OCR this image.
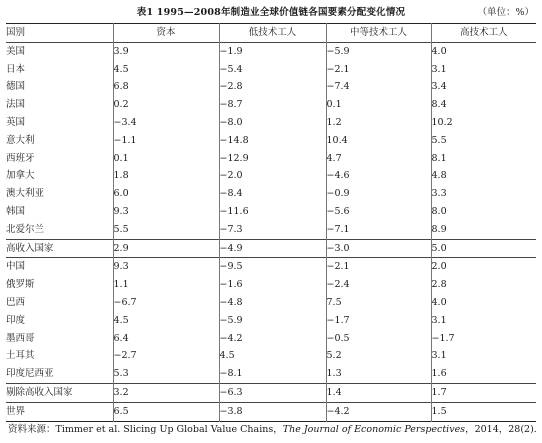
表1 1995—2008年制造业全球价值链各国要素分配变化情况	（单位：%）
国别	资本	低技术工人	中等技术工人	高技术工人
美国	3.9	−1.9	−5.9	4.0
日本	4.5	−5.4	−2.1	3.1
德国	6.8	−2.8	−7.4	3.4
法国	0.2	−8.7	0.1	8.4
英国	−3.4	−8.0	1.2	10.2
意大利	−1.1	−14.8	10.4	5.5
西班牙	0.1	−12.9	4.7	8.1
加拿大	1.8	−2.0	−4.6	4.8
澳大利亚	6.0	−8.4	−0.9	3.3
韩国	9.3	−11.6	−5.6	8.0
北爱尔兰	5.5	−7.3	−7.1	8.9
高收入国家	2.9	−4.9	−3.0	5.0
中国	9.3	−9.5	−2.1	2.0
俄罗斯	1.1	−1.6	−2.4	2.8
巴西	−6.7	−4.8	7.5	4.0
印度	4.5	−5.9	−1.7	3.1
墨西哥	6.4	−4.2	−0.5	−1.7
土耳其	−2.7	4.5	5.2	3.1
印度尼西亚	5.3	−8.1	1.3	1.6
剔除高收入国家	3.2	−6.3	1.4	1.7
世界	6.5	−3.8	−4.2	1.5
资料来源：Timmer et al. Slicing Up Global Value Chains，The Journal of Economic Perspectives，2014，28(2).
